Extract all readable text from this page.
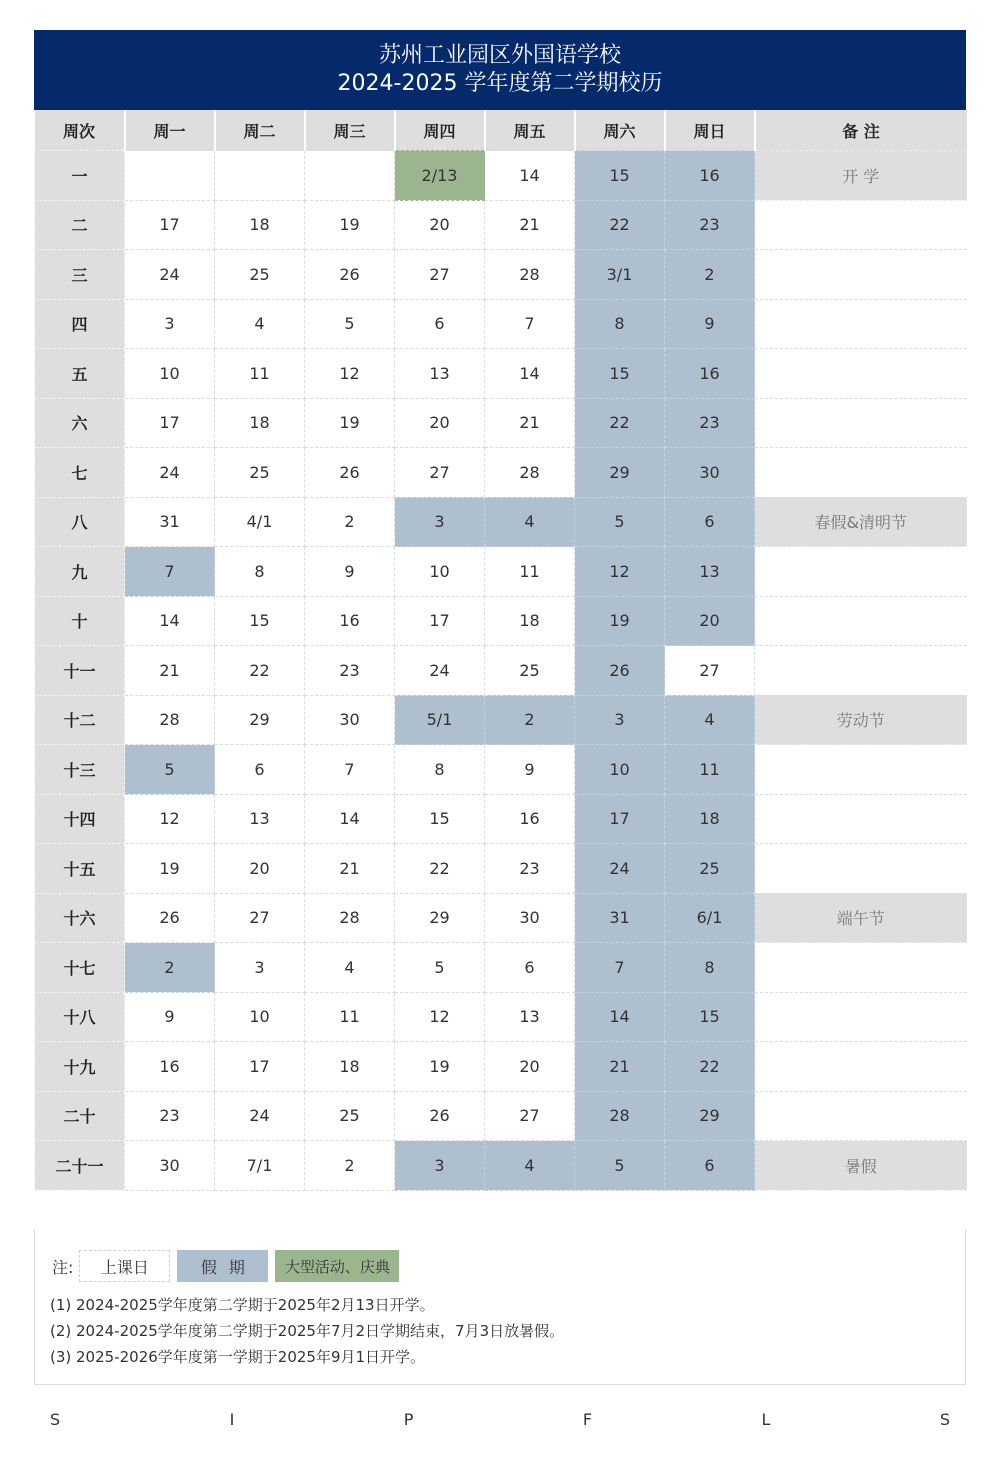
苏州工业园区外国语学校
2024-2025 学年度第二学期校历
周次	周一	周二	周三	周四	周五	周六	周日	备 注
一				2/13	14	15	16	开 学
二	17	18	19	20	21	22	23	
三	24	25	26	27	28	3/1	2	
四	3	4	5	6	7	8	9	
五	10	11	12	13	14	15	16	
六	17	18	19	20	21	22	23	
七	24	25	26	27	28	29	30	
八	31	4/1	2	3	4	5	6	春假&清明节
九	7	8	9	10	11	12	13	
十	14	15	16	17	18	19	20	
十一	21	22	23	24	25	26	27	
十二	28	29	30	5/1	2	3	4	劳动节
十三	5	6	7	8	9	10	11	
十四	12	13	14	15	16	17	18	
十五	19	20	21	22	23	24	25	
十六	26	27	28	29	30	31	6/1	端午节
十七	2	3	4	5	6	7	8	
十八	9	10	11	12	13	14	15	
十九	16	17	18	19	20	21	22	
二十	23	24	25	26	27	28	29	
二十一	30	7/1	2	3	4	5	6	暑假
注:	上课日	假期	大型活动、庆典
(1) 2024-2025学年度第二学期于2025年2月13日开学。
(2) 2024-2025学年度第二学期于2025年7月2日学期结束，7月3日放暑假。
(3) 2025-2026学年度第一学期于2025年9月1日开学。
S	I	P	F	L	S
